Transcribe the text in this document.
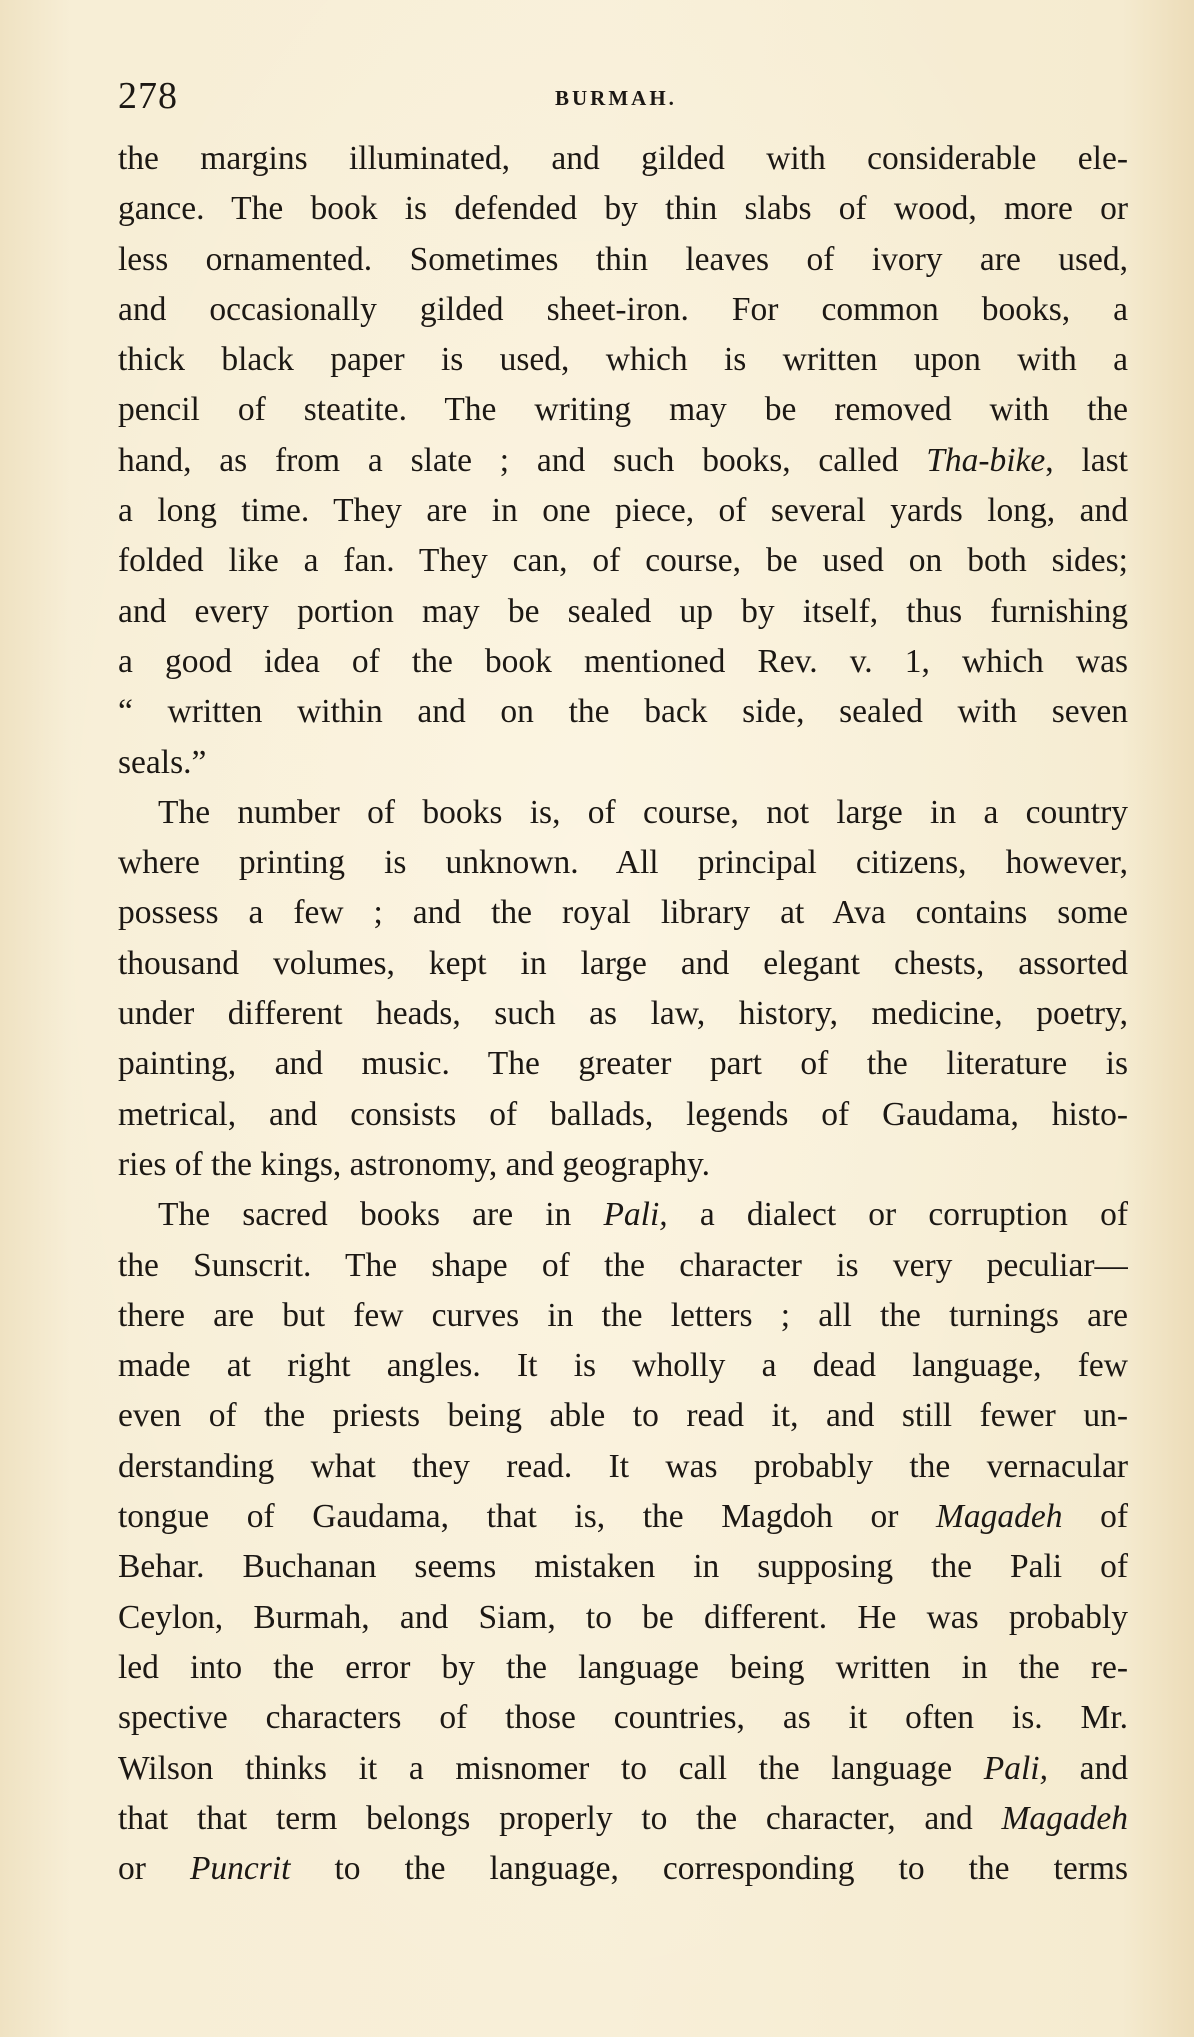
278	BURMAH.
the margins illuminated, and gilded with considerable ele-
gance. The book is defended by thin slabs of wood, more or
less ornamented. Sometimes thin leaves of ivory are used,
and occasionally gilded sheet-iron. For common books, a
thick black paper is used, which is written upon with a
pencil of steatite. The writing may be removed with the
hand, as from a slate ; and such books, called Tha-bike, last
a long time. They are in one piece, of several yards long, and
folded like a fan. They can, of course, be used on both sides;
and every portion may be sealed up by itself, thus furnishing
a good idea of the book mentioned Rev. v. 1, which was
“ written within and on the back side, sealed with seven
seals.”
The number of books is, of course, not large in a country
where printing is unknown. All principal citizens, however,
possess a few ; and the royal library at Ava contains some
thousand volumes, kept in large and elegant chests, assorted
under different heads, such as law, history, medicine, poetry,
painting, and music. The greater part of the literature is
metrical, and consists of ballads, legends of Gaudama, histo-
ries of the kings, astronomy, and geography.
The sacred books are in Pali, a dialect or corruption of
the Sunscrit. The shape of the character is very peculiar—
there are but few curves in the letters ; all the turnings are
made at right angles. It is wholly a dead language, few
even of the priests being able to read it, and still fewer un-
derstanding what they read. It was probably the vernacular
tongue of Gaudama, that is, the Magdoh or Magadeh of
Behar. Buchanan seems mistaken in supposing the Pali of
Ceylon, Burmah, and Siam, to be different. He was probably
led into the error by the language being written in the re-
spective characters of those countries, as it often is. Mr.
Wilson thinks it a misnomer to call the language Pali, and
that that term belongs properly to the character, and Magadeh
or Puncrit to the language, corresponding to the terms
